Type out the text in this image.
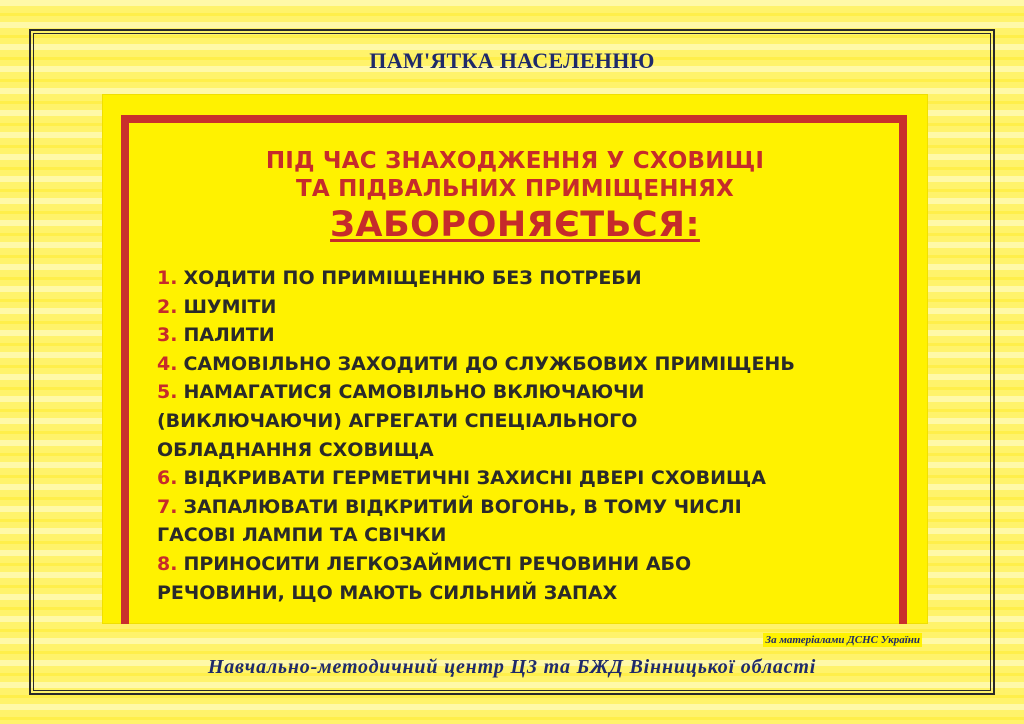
ПАМ'ЯТКА НАСЕЛЕННЮ
ПІД ЧАС ЗНАХОДЖЕННЯ У СХОВИЩІ
ТА ПІДВАЛЬНИХ ПРИМІЩЕННЯХ
ЗАБОРОНЯЄТЬСЯ:
1. ХОДИТИ ПО ПРИМІЩЕННЮ БЕЗ ПОТРЕБИ
2. ШУМІТИ
3. ПАЛИТИ
4. САМОВІЛЬНО ЗАХОДИТИ ДО СЛУЖБОВИХ ПРИМІЩЕНЬ
5. НАМАГАТИСЯ САМОВІЛЬНО ВКЛЮЧАЮЧИ
(ВИКЛЮЧАЮЧИ) АГРЕГАТИ СПЕЦІАЛЬНОГО
ОБЛАДНАННЯ СХОВИЩА
6. ВІДКРИВАТИ ГЕРМЕТИЧНІ ЗАХИСНІ ДВЕРІ СХОВИЩА
7. ЗАПАЛЮВАТИ ВІДКРИТИЙ ВОГОНЬ, В ТОМУ ЧИСЛІ
ГАСОВІ ЛАМПИ ТА СВІЧКИ
8. ПРИНОСИТИ ЛЕГКОЗАЙМИСТІ РЕЧОВИНИ АБО
РЕЧОВИНИ, ЩО МАЮТЬ СИЛЬНИЙ ЗАПАХ
За матеріалами ДСНС України
Навчально-методичний центр ЦЗ та БЖД Вінницької області
